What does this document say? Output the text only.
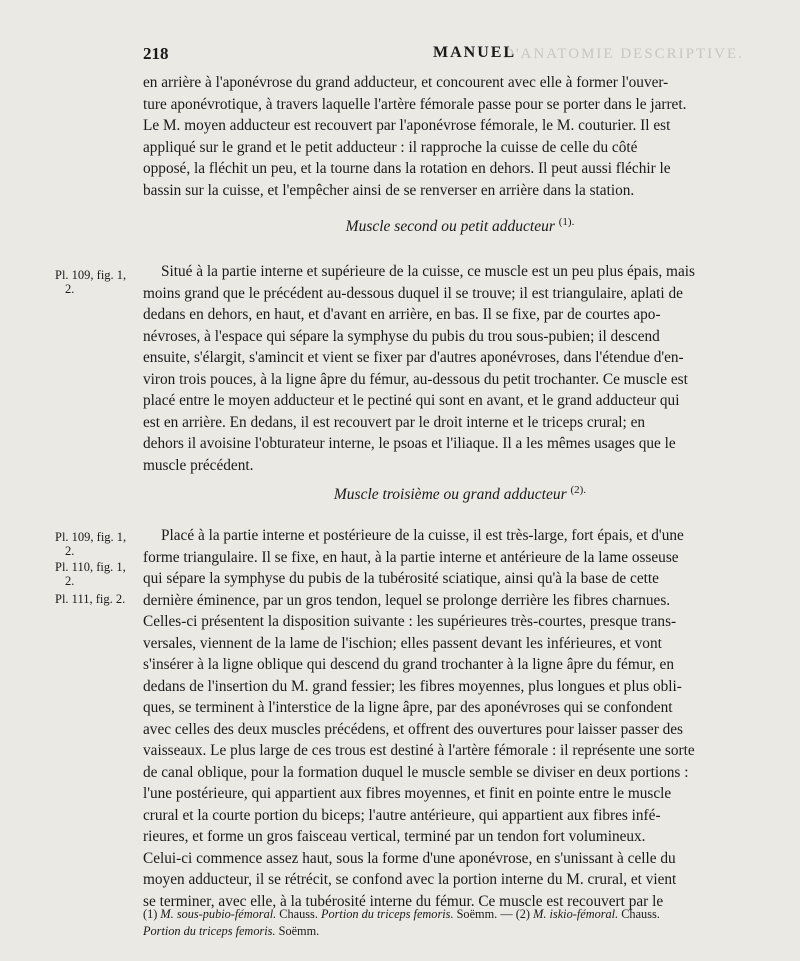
D'ANATOMIE DESCRIPTIVE.
218	MANUEL

en arrière à l'aponévrose du grand adducteur, et concourent avec elle à former l'ouver-

ture aponévrotique, à travers laquelle l'artère fémorale passe pour se porter dans le jarret.

Le M. moyen adducteur est recouvert par l'aponévrose fémorale, le M. couturier. Il est

appliqué sur le grand et le petit adducteur : il rapproche la cuisse de celle du côté

opposé, la fléchit un peu, et la tourne dans la rotation en dehors. Il peut aussi fléchir le

bassin sur la cuisse, et l'empêcher ainsi de se renverser en arrière dans la station.

Muscle second ou petit adducteur $^{(1).}$
Pl. 109, fig. 1,
2.

Situé à la partie interne et supérieure de la cuisse, ce muscle est un peu plus épais, mais

moins grand que le précédent au-dessous duquel il se trouve; il est triangulaire, aplati de

dedans en dehors, en haut, et d'avant en arrière, en bas. Il se fixe, par de courtes apo-

névroses, à l'espace qui sépare la symphyse du pubis du trou sous-pubien; il descend

ensuite, s'élargit, s'amincit et vient se fixer par d'autres aponévroses, dans l'étendue d'en-

viron trois pouces, à la ligne âpre du fémur, au-dessous du petit trochanter. Ce muscle est

placé entre le moyen adducteur et le pectiné qui sont en avant, et le grand adducteur qui

est en arrière. En dedans, il est recouvert par le droit interne et le triceps crural; en

dehors il avoisine l'obturateur interne, le psoas et l'iliaque. Il a les mêmes usages que le

muscle précédent.

Muscle troisième ou grand adducteur $^{(2).}$
Pl. 109, fig. 1,
2.
Pl. 110, fig. 1,
2.
Pl. 111, fig. 2.

Placé à la partie interne et postérieure de la cuisse, il est très-large, fort épais, et d'une

forme triangulaire. Il se fixe, en haut, à la partie interne et antérieure de la lame osseuse

qui sépare la symphyse du pubis de la tubérosité sciatique, ainsi qu'à la base de cette

dernière éminence, par un gros tendon, lequel se prolonge derrière les fibres charnues.

Celles-ci présentent la disposition suivante : les supérieures très-courtes, presque trans-

versales, viennent de la lame de l'ischion; elles passent devant les inférieures, et vont

s'insérer à la ligne oblique qui descend du grand trochanter à la ligne âpre du fémur, en

dedans de l'insertion du M. grand fessier; les fibres moyennes, plus longues et plus obli-

ques, se terminent à l'interstice de la ligne âpre, par des aponévroses qui se confondent

avec celles des deux muscles précédens, et offrent des ouvertures pour laisser passer des

vaisseaux. Le plus large de ces trous est destiné à l'artère fémorale : il représente une sorte

de canal oblique, pour la formation duquel le muscle semble se diviser en deux portions :

l'une postérieure, qui appartient aux fibres moyennes, et finit en pointe entre le muscle

crural et la courte portion du biceps; l'autre antérieure, qui appartient aux fibres infé-

rieures, et forme un gros faisceau vertical, terminé par un tendon fort volumineux.

Celui-ci commence assez haut, sous la forme d'une aponévrose, en s'unissant à celle du

moyen adducteur, il se rétrécit, se confond avec la portion interne du M. crural, et vient

se terminer, avec elle, à la tubérosité interne du fémur. Ce muscle est recouvert par le

(1) M. sous-pubio-fémoral. Chauss. Portion du triceps femoris. Soëmm. — (2) M. iskio-fémoral. Chauss.
Portion du triceps femoris. Soëmm.
